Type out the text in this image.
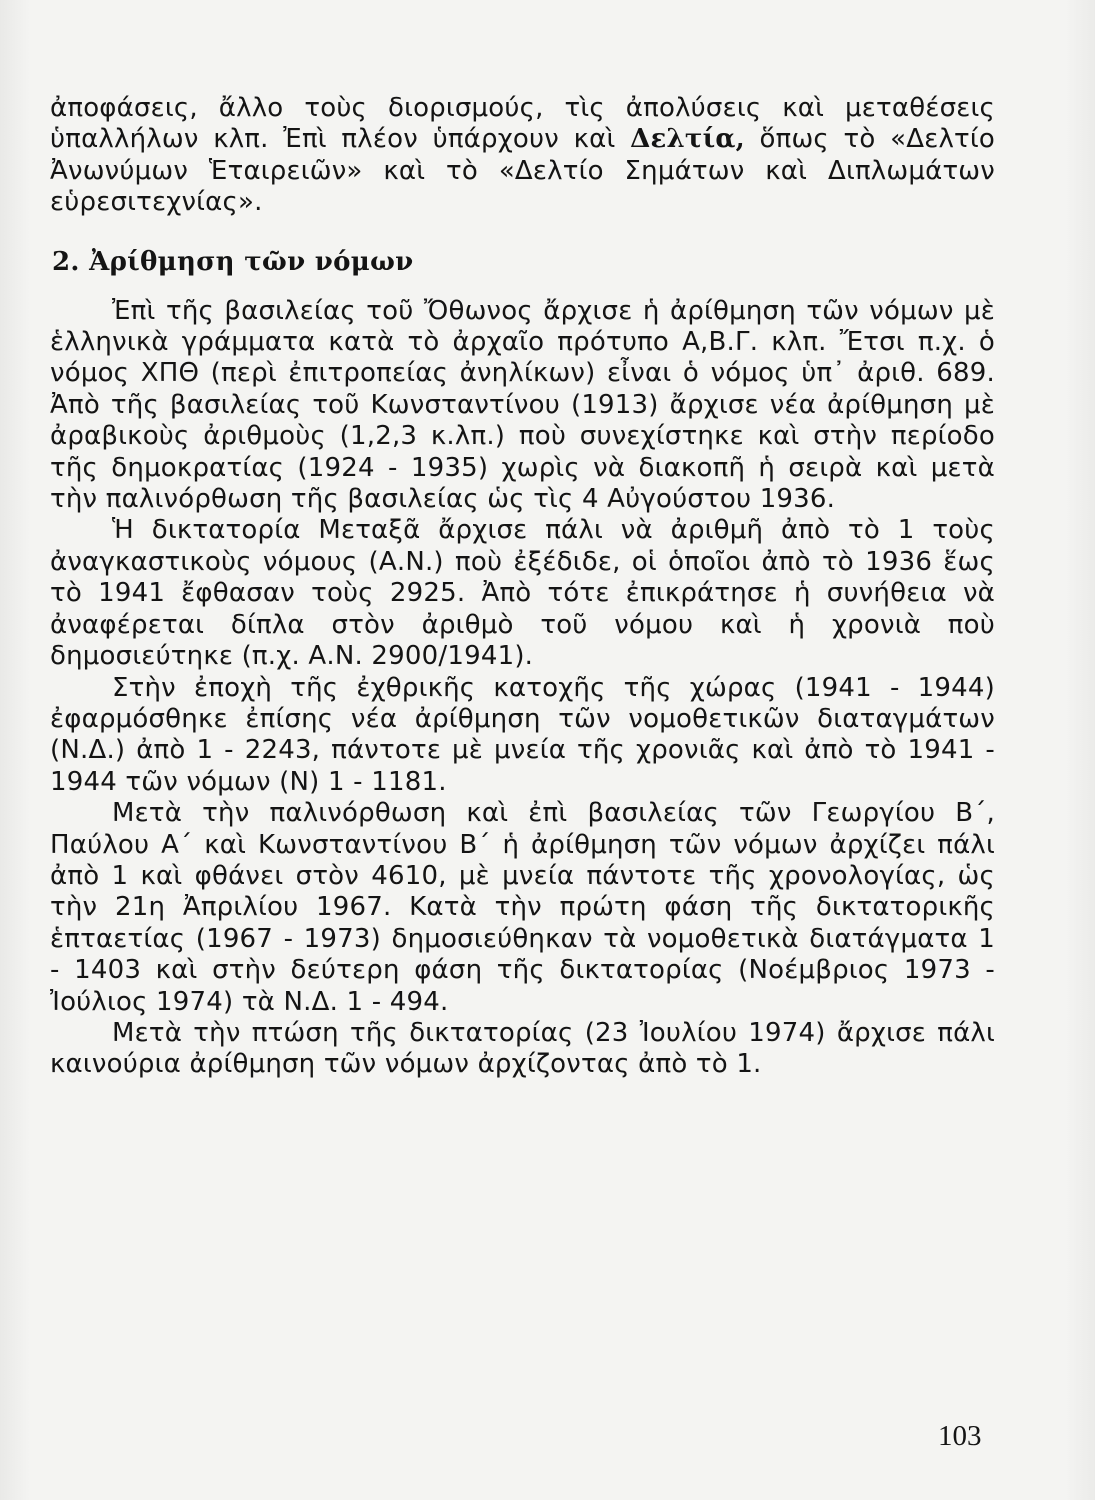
ἀποφάσεις, ἄλλο τοὺς διορισμούς, τὶς ἀπολύσεις καὶ μεταθέσεις ὑπαλλήλων κλπ. Ἐπὶ πλέον ὑπάρχουν καὶ Δελτία, ὅπως τὸ «Δελτίο Ἀνωνύμων Ἑταιρειῶν» καὶ τὸ «Δελτίο Σημάτων καὶ Διπλωμάτων εὑρεσιτεχνίας».

2. Ἀρίθμηση τῶν νόμων

Ἐπὶ τῆς βασιλείας τοῦ Ὄθωνος ἄρχισε ἡ ἀρίθμηση τῶν νόμων μὲ ἑλληνικὰ γράμματα κατὰ τὸ ἀρχαῖο πρότυπο Α,Β.Γ. κλπ. Ἔτσι π.χ. ὁ νόμος ΧΠΘ (περὶ ἐπιτροπείας ἀνηλίκων) εἶναι ὁ νόμος ὑπ᾽ ἀριθ. 689. Ἀπὸ τῆς βασιλείας τοῦ Κωνσταντίνου (1913) ἄρχισε νέα ἀρίθμηση μὲ ἀραβικοὺς ἀριθμοὺς (1,2,3 κ.λπ.) ποὺ συνεχίστηκε καὶ στὴν περίοδο τῆς δημοκρατίας (1924 - 1935) χωρὶς νὰ διακοπῆ ἡ σειρὰ καὶ μετὰ τὴν παλινόρθωση τῆς βασιλείας ὡς τὶς 4 Αὐγούστου 1936.

Ἡ δικτατορία Μεταξᾶ ἄρχισε πάλι νὰ ἀριθμῆ ἀπὸ τὸ 1 τοὺς ἀναγκαστικοὺς νόμους (Α.Ν.) ποὺ ἐξέδιδε, οἱ ὁποῖοι ἀπὸ τὸ 1936 ἕως τὸ 1941 ἔφθασαν τοὺς 2925. Ἀπὸ τότε ἐπικράτησε ἡ συνήθεια νὰ ἀναφέρεται δίπλα στὸν ἀριθμὸ τοῦ νόμου καὶ ἡ χρονιὰ ποὺ δημοσιεύτηκε (π.χ. Α.Ν. 2900/1941).

Στὴν ἐποχὴ τῆς ἐχθρικῆς κατοχῆς τῆς χώρας (1941 - 1944) ἐφαρμόσθηκε ἐπίσης νέα ἀρίθμηση τῶν νομοθετικῶν διαταγμάτων (Ν.Δ.) ἀπὸ 1 - 2243, πάντοτε μὲ μνεία τῆς χρονιᾶς καὶ ἀπὸ τὸ 1941 - 1944 τῶν νόμων (Ν) 1 - 1181.

Μετὰ τὴν παλινόρθωση καὶ ἐπὶ βασιλείας τῶν Γεωργίου Β΄, Παύλου Α΄ καὶ Κωνσταντίνου Β΄ ἡ ἀρίθμηση τῶν νόμων ἀρχίζει πάλι ἀπὸ 1 καὶ φθάνει στὸν 4610, μὲ μνεία πάντοτε τῆς χρονολογίας, ὡς τὴν 21η Ἀπριλίου 1967. Κατὰ τὴν πρώτη φάση τῆς δικτατορικῆς ἑπταετίας (1967 - 1973) δημοσιεύθηκαν τὰ νομοθετικὰ διατάγματα 1 - 1403 καὶ στὴν δεύτερη φάση τῆς δικτατορίας (Νοέμβριος 1973 - Ἰούλιος 1974) τὰ Ν.Δ. 1 - 494.

Μετὰ τὴν πτώση τῆς δικτατορίας (23 Ἰουλίου 1974) ἄρχισε πάλι καινούρια ἀρίθμηση τῶν νόμων ἀρχίζοντας ἀπὸ τὸ 1.

103
